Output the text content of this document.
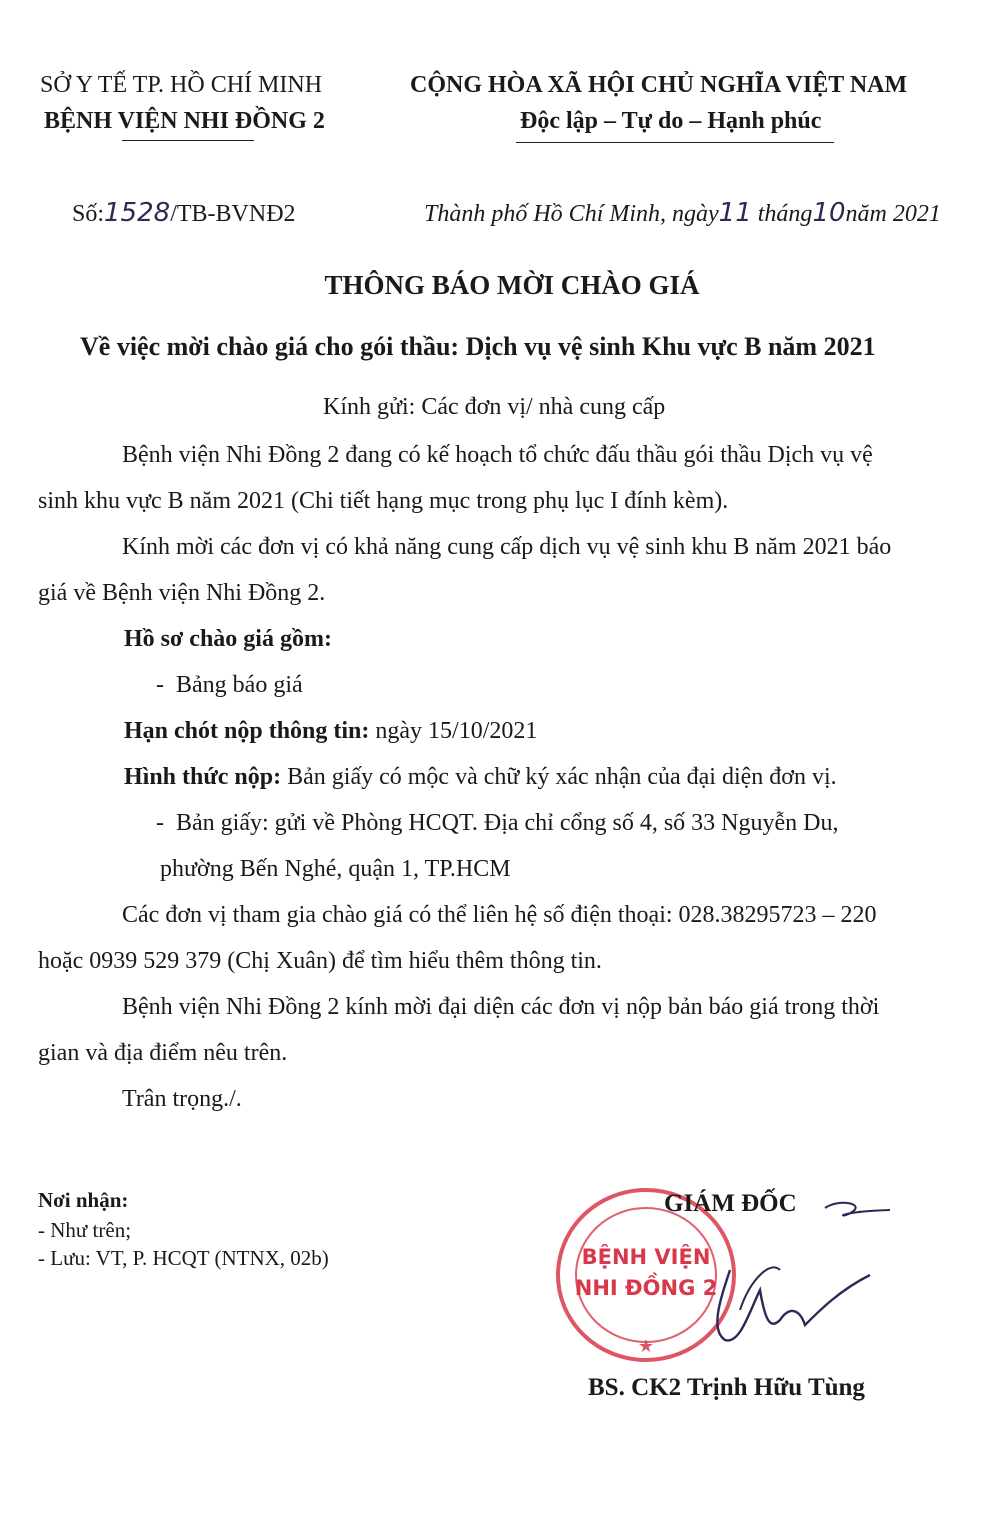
SỞ Y TẾ TP. HỒ CHÍ MINH
BỆNH VIỆN NHI ĐỒNG 2
CỘNG HÒA XÃ HỘI CHỦ NGHĨA VIỆT NAM
Độc lập – Tự do – Hạnh phúc
Số:1528/TB-BVNĐ2	Thành phố Hồ Chí Minh, ngày11 tháng10năm 2021
THÔNG BÁO MỜI CHÀO GIÁ
Về việc mời chào giá cho gói thầu: Dịch vụ vệ sinh Khu vực B năm 2021
Kính gửi: Các đơn vị/ nhà cung cấp
Bệnh viện Nhi Đồng 2 đang có kế hoạch tổ chức đấu thầu gói thầu Dịch vụ vệ
sinh khu vực B năm 2021 (Chi tiết hạng mục trong phụ lục I đính kèm).
Kính mời các đơn vị có khả năng cung cấp dịch vụ vệ sinh khu B năm 2021 báo
giá về Bệnh viện Nhi Đồng 2.
Hồ sơ chào giá gồm:
-  Bảng báo giá
Hạn chót nộp thông tin: ngày 15/10/2021
Hình thức nộp: Bản giấy có mộc và chữ ký xác nhận của đại diện đơn vị.
-  Bản giấy: gửi về Phòng HCQT. Địa chỉ cổng số 4, số 33 Nguyễn Du,
phường Bến Nghé, quận 1, TP.HCM
Các đơn vị tham gia chào giá có thể liên hệ số điện thoại: 028.38295723 – 220
hoặc 0939 529 379 (Chị Xuân) để tìm hiểu thêm thông tin.
Bệnh viện Nhi Đồng 2 kính mời đại diện các đơn vị nộp bản báo giá trong thời
gian và địa điểm nêu trên.
Trân trọng./.
Nơi nhận:
- Như trên;
- Lưu: VT, P. HCQT (NTNX, 02b)
★
BỆNH VIỆN
NHI ĐỒNG 2
GIÁM ĐỐC
BS. CK2 Trịnh Hữu Tùng
